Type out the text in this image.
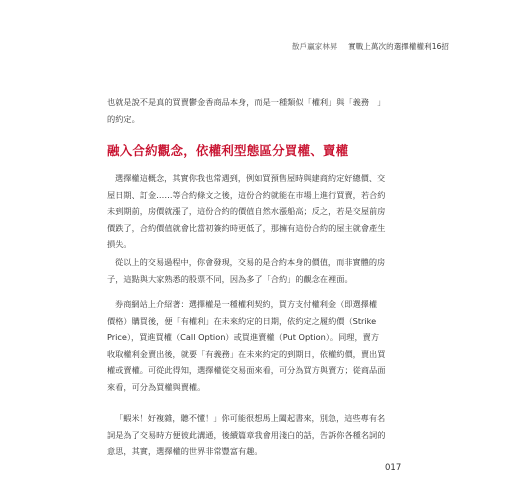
散戶贏家林昇 實戰上萬次的選擇權權利16招

也就是說不是真的買賣鬱金香商品本身，而是一種類似「權利」與「義務　」

的約定。

融入合約觀念，依權利型態區分買權、賣權

選擇權這概念，其實你我也常遇到，例如買預售屋時與建商約定好總價、交

屋日期、訂金……等合約條文之後，這份合約就能在市場上進行買賣，若合約

未到期前，房價就漲了，這份合約的價值自然水漲船高；反之，若是交屋前房

價跌了，合約價值就會比當初簽約時更低了，那擁有這份合約的屋主就會產生

損失。

從以上的交易過程中，你會發現，交易的是合約本身的價值，而非實體的房

子，這點與大家熟悉的股票不同，因為多了「合約」的觀念在裡面。

券商網站上介紹著：選擇權是一種權利契約，買方支付權利金（即選擇權

價格）購買後，便「有權利」在未來約定的日期，依約定之履約價（Strike

Price），買進買權（Call Option）或買進賣權（Put Option）。同理，賣方

收取權利金賣出後，就要「有義務」在未來約定的到期日，依權約價，賣出買

權或賣權。可從此得知，選擇權從交易面來看，可分為買方與賣方；從商品面

來看，可分為買權與賣權。

「蝦米！好複雜，聽不懂！」你可能很想馬上闔起書來，別急，這些專有名

詞是為了交易時方便彼此溝通，後續篇章我會用淺白的話，告訴你各種名詞的

意思，其實，選擇權的世界非常豐富有趣。

017
